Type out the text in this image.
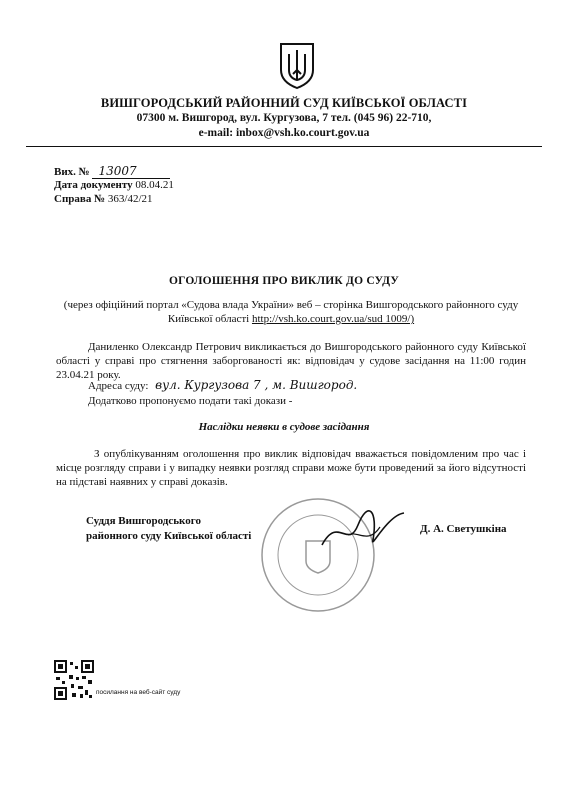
ВИШГОРОДСЬКИЙ РАЙОННИЙ СУД КИЇВСЬКОЇ ОБЛАСТІ
07300 м. Вишгород, вул. Кургузова, 7 тел. (045 96) 22-710,
e-mail: inbox@vsh.ko.court.gov.ua
Вих. № 13007
Дата документу 08.04.21
Справа № 363/42/21
ОГОЛОШЕННЯ ПРО ВИКЛИК ДО СУДУ
(через офіційний портал «Судова влада України» веб – сторінка Вишгородського районного суду Київської області http://vsh.ko.court.gov.ua/sud 1009/)
Даниленко Олександр Петрович викликається до Вишгородського районного суду Київської області у справі про стягнення заборгованості як: відповідач у судове засідання на 11:00 годин 23.04.21 року.
Адреса суду: вул. Кургузова 7 , м. Вишгород.
Додатково пропонуємо подати такі докази -
Наслідки неявки в судове засідання
З опублікуванням оголошення про виклик відповідач вважається повідомленим про час і місце розгляду справи і у випадку неявки розгляд справи може бути проведений за його відсутності на підставі наявних у справі доказів.
Суддя Вишгородського
районного суду Київської області
Д. А. Светушкіна
посилання на веб-сайт суду
